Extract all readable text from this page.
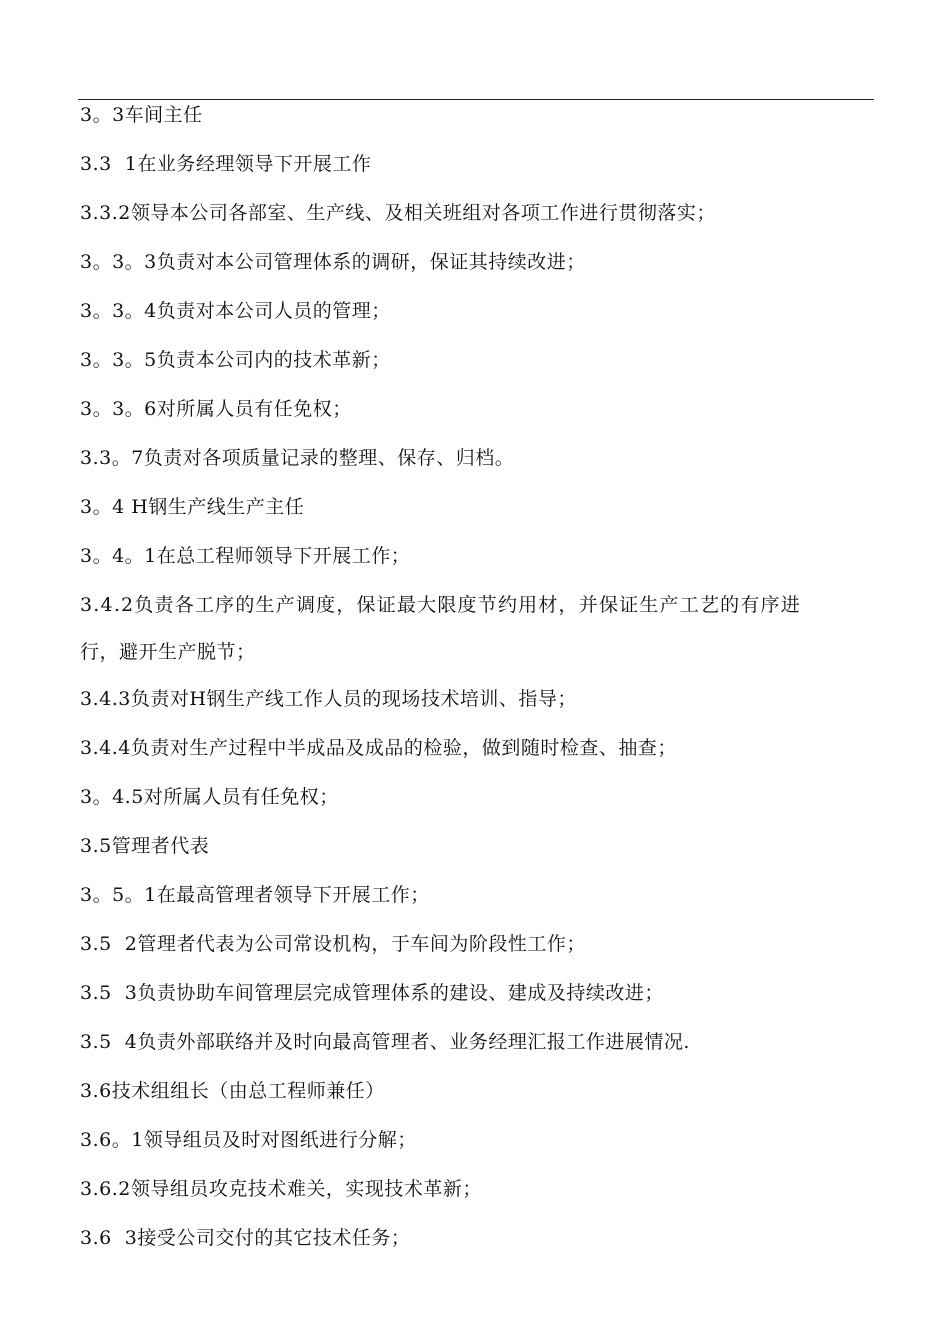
3。3车间主任
3.3  1在业务经理领导下开展工作
3.3.2领导本公司各部室、生产线、及相关班组对各项工作进行贯彻落实；
3。3。3负责对本公司管理体系的调研，保证其持续改进；
3。3。4负责对本公司人员的管理；
3。3。5负责本公司内的技术革新；
3。3。6对所属人员有任免权；
3.3。7负责对各项质量记录的整理、保存、归档。
3。4 H钢生产线生产主任
3。4。1在总工程师领导下开展工作；
3.4.2负责各工序的生产调度，保证最大限度节约用材，并保证生产工艺的有序进
行，避开生产脱节；
3.4.3负责对H钢生产线工作人员的现场技术培训、指导；
3.4.4负责对生产过程中半成品及成品的检验，做到随时检查、抽查；
3。4.5对所属人员有任免权；
3.5管理者代表
3。5。1在最高管理者领导下开展工作；
3.5  2管理者代表为公司常设机构，于车间为阶段性工作；
3.5  3负责协助车间管理层完成管理体系的建设、建成及持续改进；
3.5  4负责外部联络并及时向最高管理者、业务经理汇报工作进展情况.
3.6技术组组长（由总工程师兼任）
3.6。1领导组员及时对图纸进行分解；
3.6.2领导组员攻克技术难关，实现技术革新；
3.6  3接受公司交付的其它技术任务；
